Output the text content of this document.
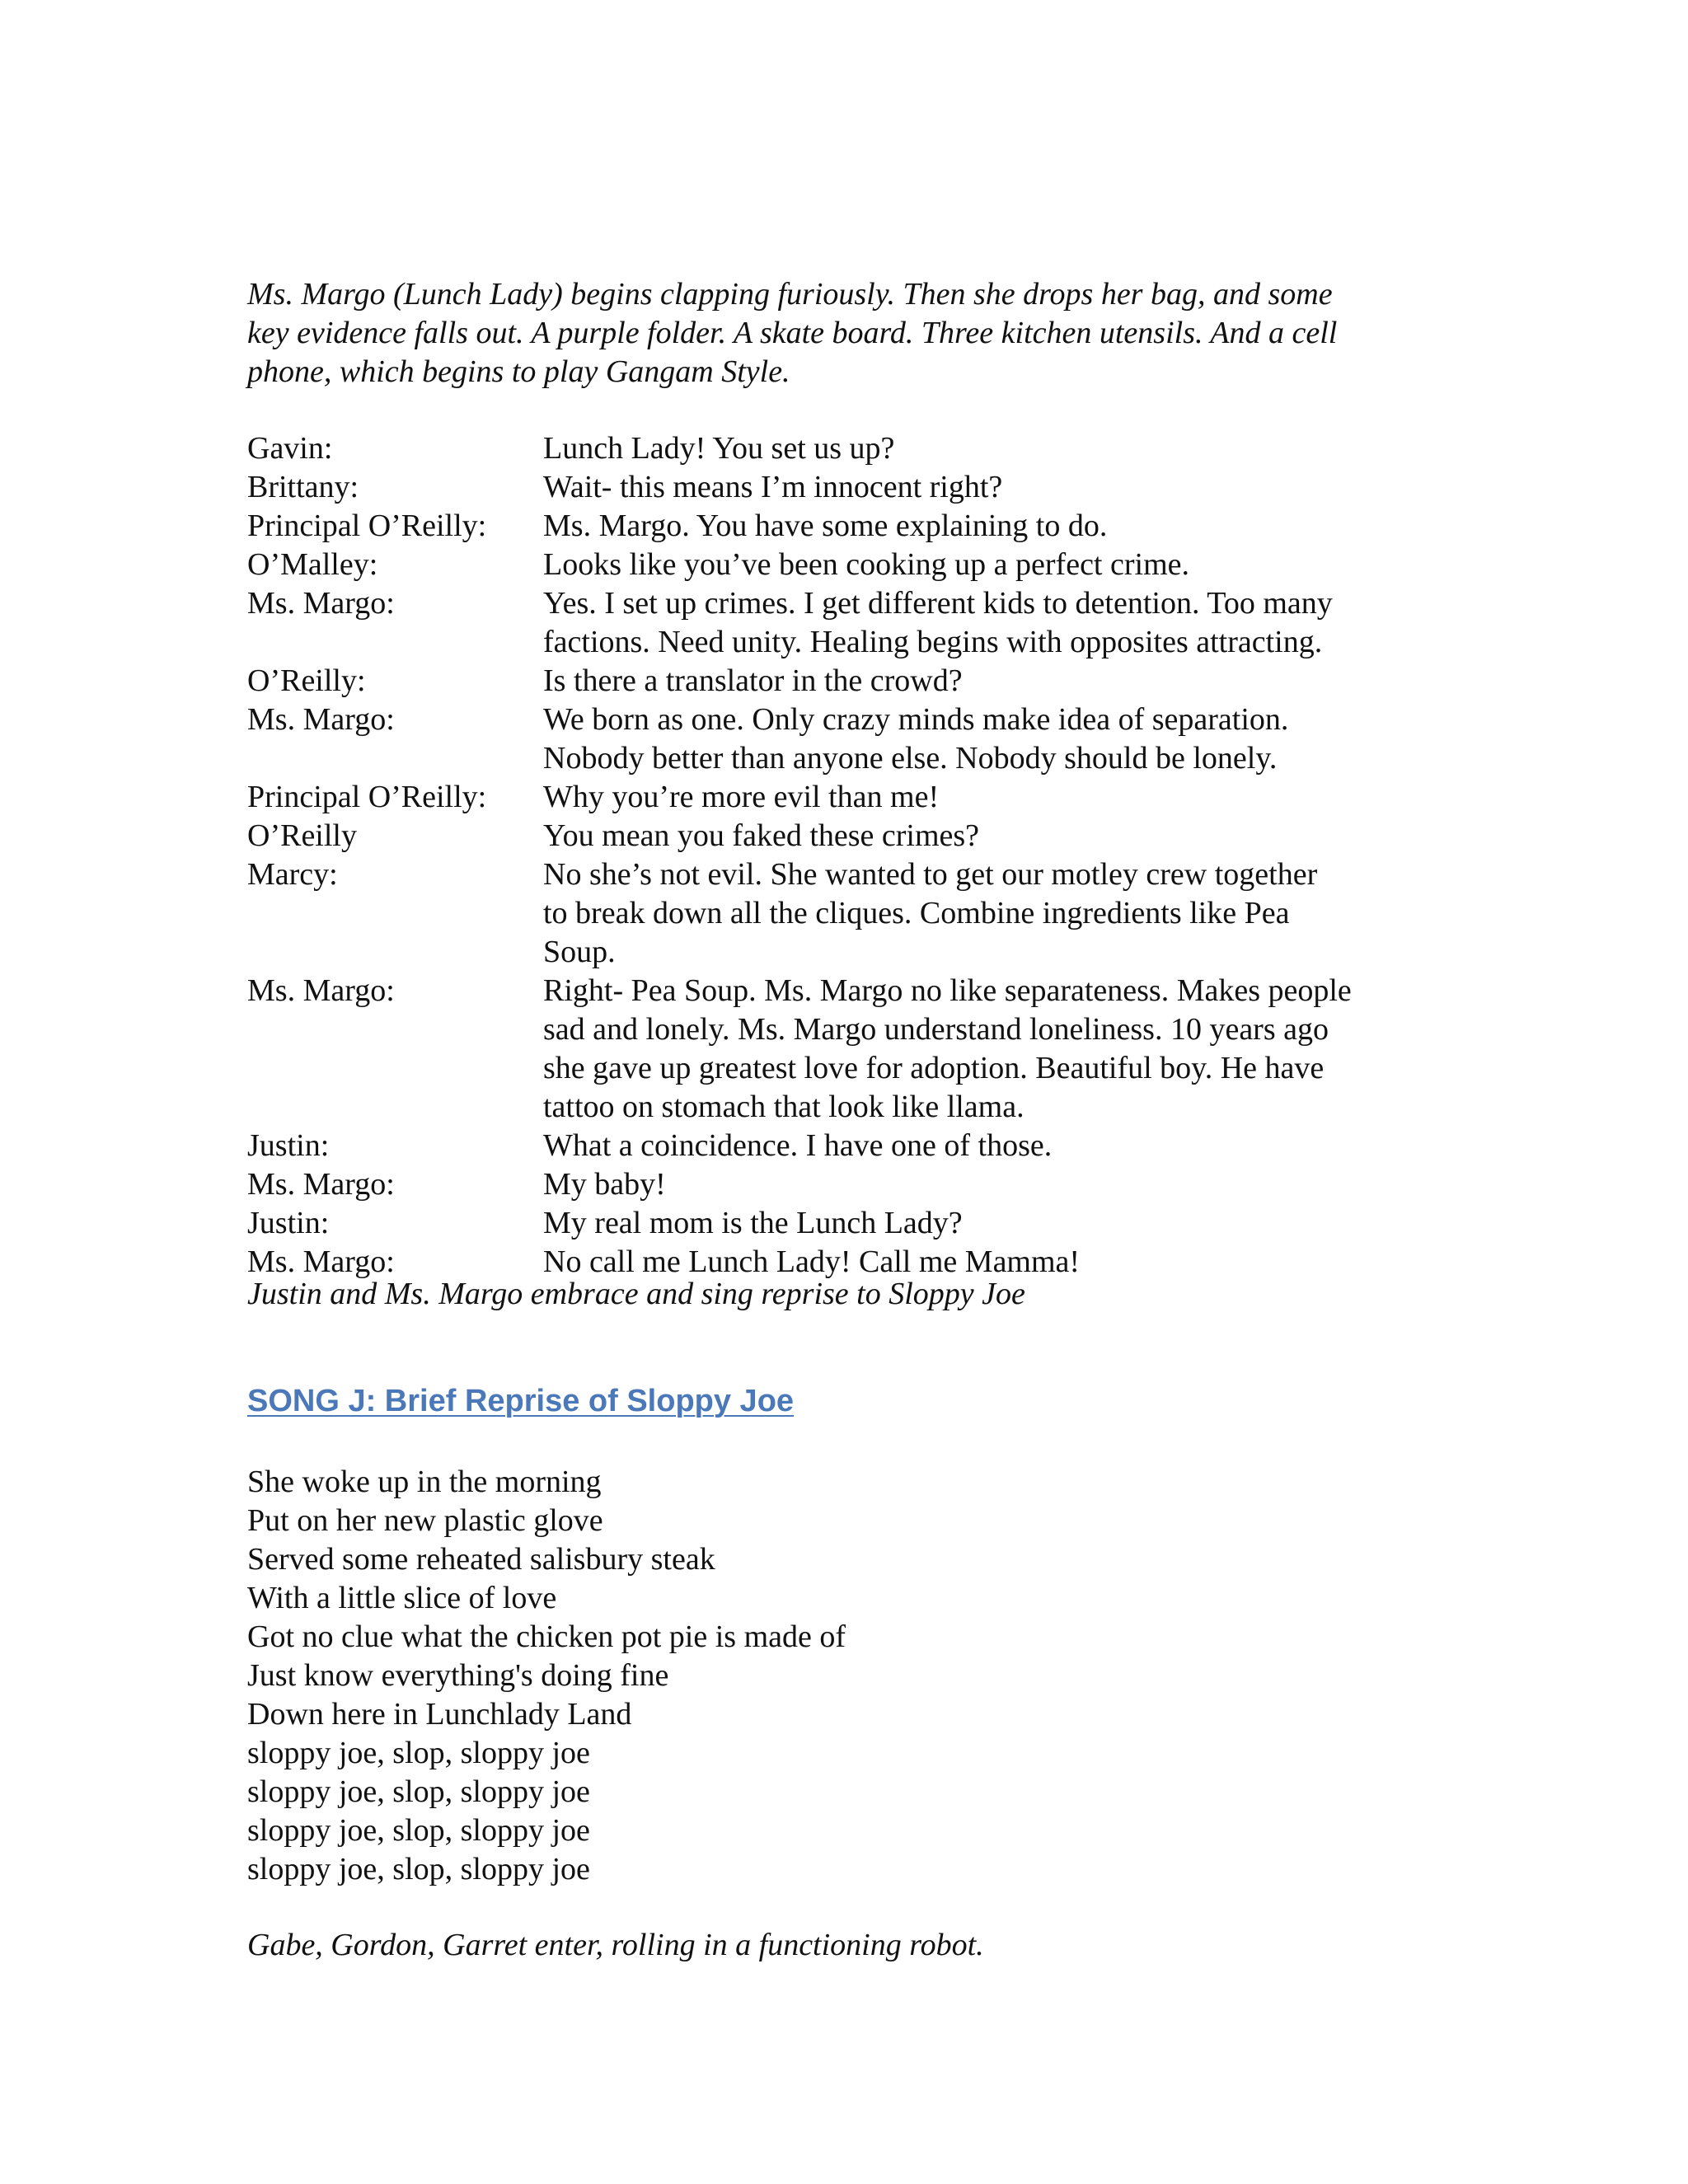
Ms. Margo (Lunch Lady) begins clapping furiously. Then she drops her bag, and some
key evidence falls out. A purple folder. A skate board. Three kitchen utensils. And a cell
phone, which begins to play Gangam Style.
Gavin:	Lunch Lady! You set us up?
Brittany:	Wait- this means I’m innocent right?
Principal O’Reilly:	Ms. Margo. You have some explaining to do.
O’Malley:	Looks like you’ve been cooking up a perfect crime.
Ms. Margo:	Yes. I set up crimes. I get different kids to detention. Too many
factions. Need unity. Healing begins with opposites attracting.
O’Reilly:	Is there a translator in the crowd?
Ms. Margo:	We born as one. Only crazy minds make idea of separation.
Nobody better than anyone else. Nobody should be lonely.
Principal O’Reilly:	Why you’re more evil than me!
O’Reilly	You mean you faked these crimes?
Marcy:	No she’s not evil. She wanted to get our motley crew together
to break down all the cliques. Combine ingredients like Pea
Soup.
Ms. Margo:	Right- Pea Soup. Ms. Margo no like separateness. Makes people
sad and lonely. Ms. Margo understand loneliness. 10 years ago
she gave up greatest love for adoption. Beautiful boy. He have
tattoo on stomach that look like llama.
Justin:	What a coincidence. I have one of those.
Ms. Margo:	My baby!
Justin:	My real mom is the Lunch Lady?
Ms. Margo:	No call me Lunch Lady! Call me Mamma!
Justin and Ms. Margo embrace and sing reprise to Sloppy Joe
SONG J: Brief Reprise of Sloppy Joe
She woke up in the morning
Put on her new plastic glove
Served some reheated salisbury steak
With a little slice of love
Got no clue what the chicken pot pie is made of
Just know everything's doing fine
Down here in Lunchlady Land
sloppy joe, slop, sloppy joe
sloppy joe, slop, sloppy joe
sloppy joe, slop, sloppy joe
sloppy joe, slop, sloppy joe
Gabe, Gordon, Garret enter, rolling in a functioning robot.
